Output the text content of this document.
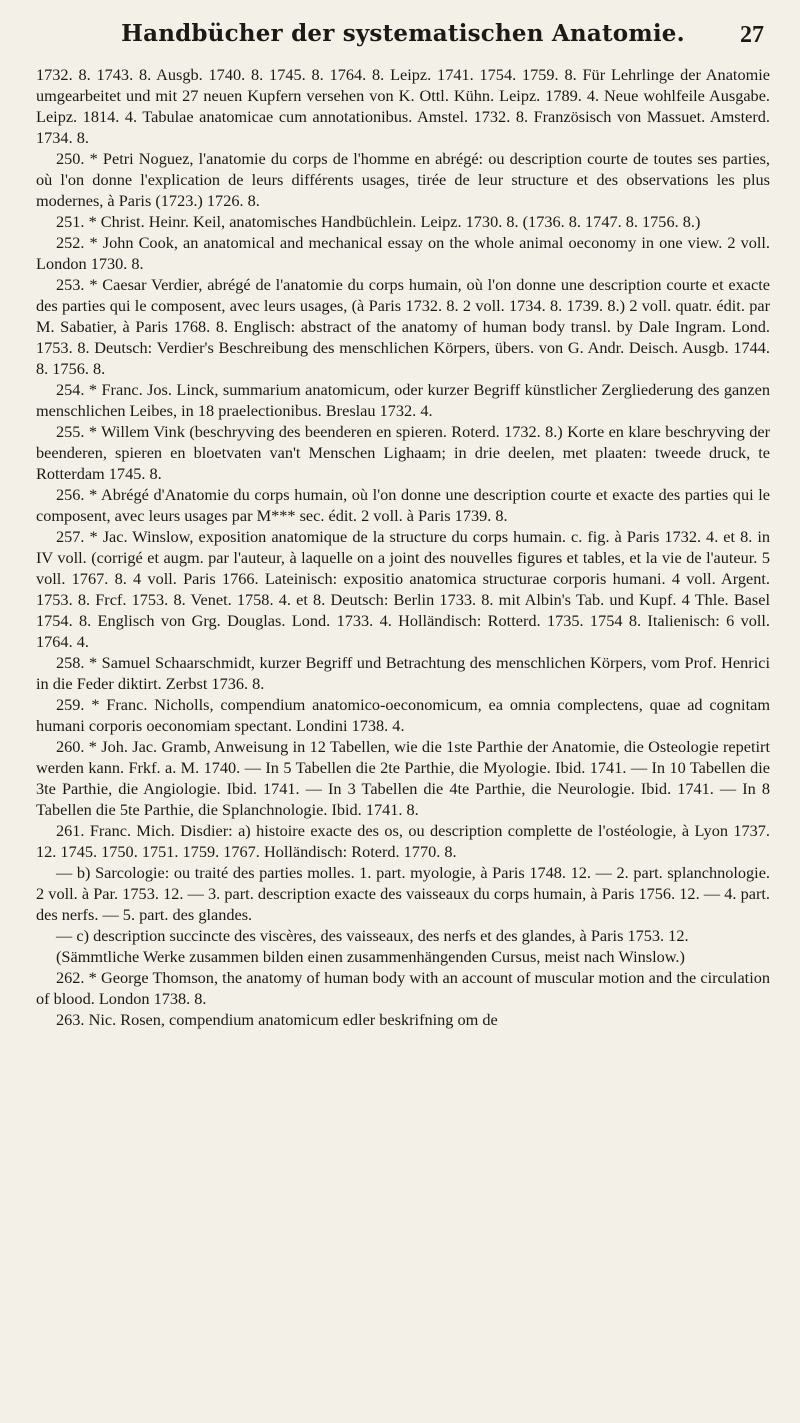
Handbücher der systematischen Anatomie. 27

1732. 8. 1743. 8. Ausgb. 1740. 8. 1745. 8. 1764. 8. Leipz. 1741. 1754. 1759. 8. Für Lehrlinge der Anatomie umgearbeitet und mit 27 neuen Kupfern versehen von K. Ottl. Kühn. Leipz. 1789. 4. Neue wohlfeile Ausgabe. Leipz. 1814. 4. Tabulae anatomicae cum annotationibus. Amstel. 1732. 8. Französisch von Massuet. Amsterd. 1734. 8.

250. * Petri Noguez, l'anatomie du corps de l'homme en abrégé: ou description courte de toutes ses parties, où l'on donne l'explication de leurs différents usages, tirée de leur structure et des observations les plus modernes, à Paris (1723.) 1726. 8.

251. * Christ. Heinr. Keil, anatomisches Handbüchlein. Leipz. 1730. 8. (1736. 8. 1747. 8. 1756. 8.)

252. * John Cook, an anatomical and mechanical essay on the whole animal oeconomy in one view. 2 voll. London 1730. 8.

253. * Caesar Verdier, abrégé de l'anatomie du corps humain, où l'on donne une description courte et exacte des parties qui le composent, avec leurs usages, (à Paris 1732. 8. 2 voll. 1734. 8. 1739. 8.) 2 voll. quatr. édit. par M. Sabatier, à Paris 1768. 8. Englisch: abstract of the anatomy of human body transl. by Dale Ingram. Lond. 1753. 8. Deutsch: Verdier's Beschreibung des menschlichen Körpers, übers. von G. Andr. Deisch. Ausgb. 1744. 8. 1756. 8.

254. * Franc. Jos. Linck, summarium anatomicum, oder kurzer Begriff künstlicher Zergliederung des ganzen menschlichen Leibes, in 18 praelectionibus. Breslau 1732. 4.

255. * Willem Vink (beschryving des beenderen en spieren. Roterd. 1732. 8.) Korte en klare beschryving der beenderen, spieren en bloetvaten van't Menschen Lighaam; in drie deelen, met plaaten: tweede druck, te Rotterdam 1745. 8.

256. * Abrégé d'Anatomie du corps humain, où l'on donne une description courte et exacte des parties qui le composent, avec leurs usages par M*** sec. édit. 2 voll. à Paris 1739. 8.

257. * Jac. Winslow, exposition anatomique de la structure du corps humain. c. fig. à Paris 1732. 4. et 8. in IV voll. (corrigé et augm. par l'auteur, à laquelle on a joint des nouvelles figures et tables, et la vie de l'auteur. 5 voll. 1767. 8. 4 voll. Paris 1766. Lateinisch: expositio anatomica structurae corporis humani. 4 voll. Argent. 1753. 8. Frcf. 1753. 8. Venet. 1758. 4. et 8. Deutsch: Berlin 1733. 8. mit Albin's Tab. und Kupf. 4 Thle. Basel 1754. 8. Englisch von Grg. Douglas. Lond. 1733. 4. Holländisch: Rotterd. 1735. 1754 8. Italienisch: 6 voll. 1764. 4.

258. * Samuel Schaarschmidt, kurzer Begriff und Betrachtung des menschlichen Körpers, vom Prof. Henrici in die Feder diktirt. Zerbst 1736. 8.

259. * Franc. Nicholls, compendium anatomico-oeconomicum, ea omnia complectens, quae ad cognitam humani corporis oeconomiam spectant. Londini 1738. 4.

260. * Joh. Jac. Gramb, Anweisung in 12 Tabellen, wie die 1ste Parthie der Anatomie, die Osteologie repetirt werden kann. Frkf. a. M. 1740. — In 5 Tabellen die 2te Parthie, die Myologie. Ibid. 1741. — In 10 Tabellen die 3te Parthie, die Angiologie. Ibid. 1741. — In 3 Tabellen die 4te Parthie, die Neurologie. Ibid. 1741. — In 8 Tabellen die 5te Parthie, die Splanchnologie. Ibid. 1741. 8.

261. Franc. Mich. Disdier: a) histoire exacte des os, ou description complette de l'ostéologie, à Lyon 1737. 12. 1745. 1750. 1751. 1759. 1767. Holländisch: Roterd. 1770. 8.

— b) Sarcologie: ou traité des parties molles. 1. part. myologie, à Paris 1748. 12. — 2. part. splanchnologie. 2 voll. à Par. 1753. 12. — 3. part. description exacte des vaisseaux du corps humain, à Paris 1756. 12. — 4. part. des nerfs. — 5. part. des glandes.

— c) description succincte des viscères, des vaisseaux, des nerfs et des glandes, à Paris 1753. 12.

(Sämmtliche Werke zusammen bilden einen zusammenhängenden Cursus, meist nach Winslow.)

262. * George Thomson, the anatomy of human body with an account of muscular motion and the circulation of blood. London 1738. 8.

263. Nic. Rosen, compendium anatomicum edler beskrifning om de
